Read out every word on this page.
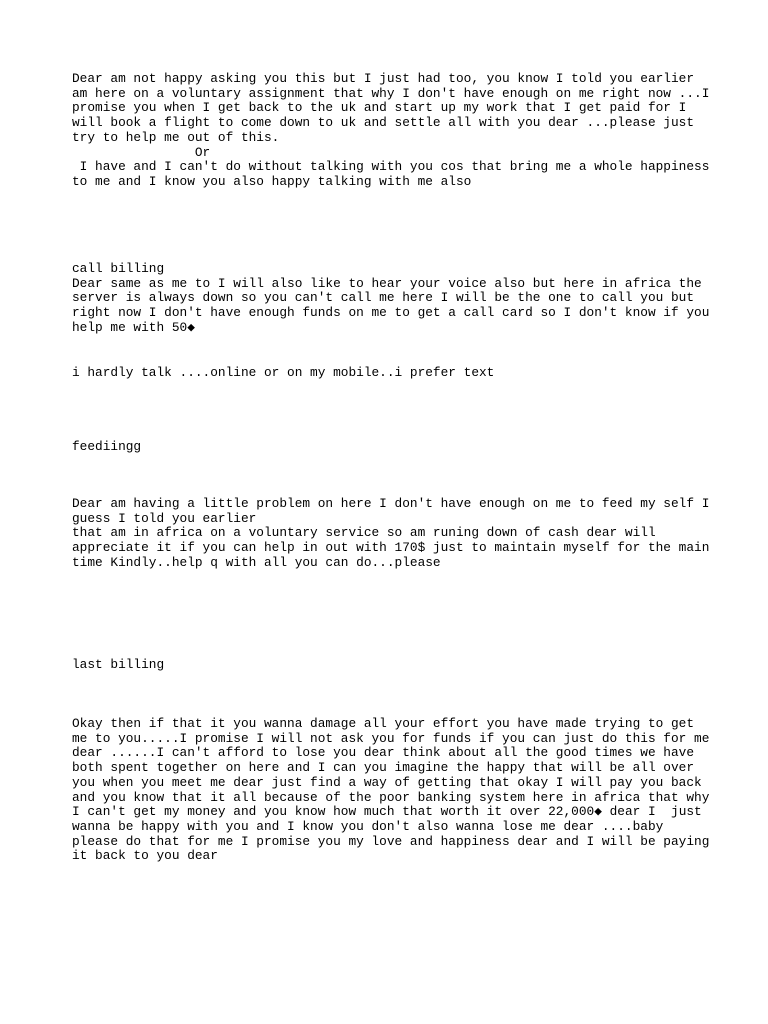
Dear am not happy asking you this but I just had too, you know I told you earlier
am here on a voluntary assignment that why I don't have enough on me right now ...I
promise you when I get back to the uk and start up my work that I get paid for I
will book a flight to come down to uk and settle all with you dear ...please just
try to help me out of this.
Or
I have and I can't do without talking with you cos that bring me a whole happiness
to me and I know you also happy talking with me also

call billing
Dear same as me to I will also like to hear your voice also but here in africa the
server is always down so you can't call me here I will be the one to call you but
right now I don't have enough funds on me to get a call card so I don't know if you
help me with 50◆

i hardly talk ....online or on my mobile..i prefer text

feediingg

Dear am having a little problem on here I don't have enough on me to feed my self I
guess I told you earlier
that am in africa on a voluntary service so am runing down of cash dear will
appreciate it if you can help in out with 170$ just to maintain myself for the main
time Kindly..help q with all you can do...please

last billing

Okay then if that it you wanna damage all your effort you have made trying to get
me to you.....I promise I will not ask you for funds if you can just do this for me
dear ......I can't afford to lose you dear think about all the good times we have
both spent together on here and I can you imagine the happy that will be all over
you when you meet me dear just find a way of getting that okay I will pay you back
and you know that it all because of the poor banking system here in africa that why
I can't get my money and you know how much that worth it over 22,000◆ dear I  just
wanna be happy with you and I know you don't also wanna lose me dear ....baby
please do that for me I promise you my love and happiness dear and I will be paying
it back to you dear
